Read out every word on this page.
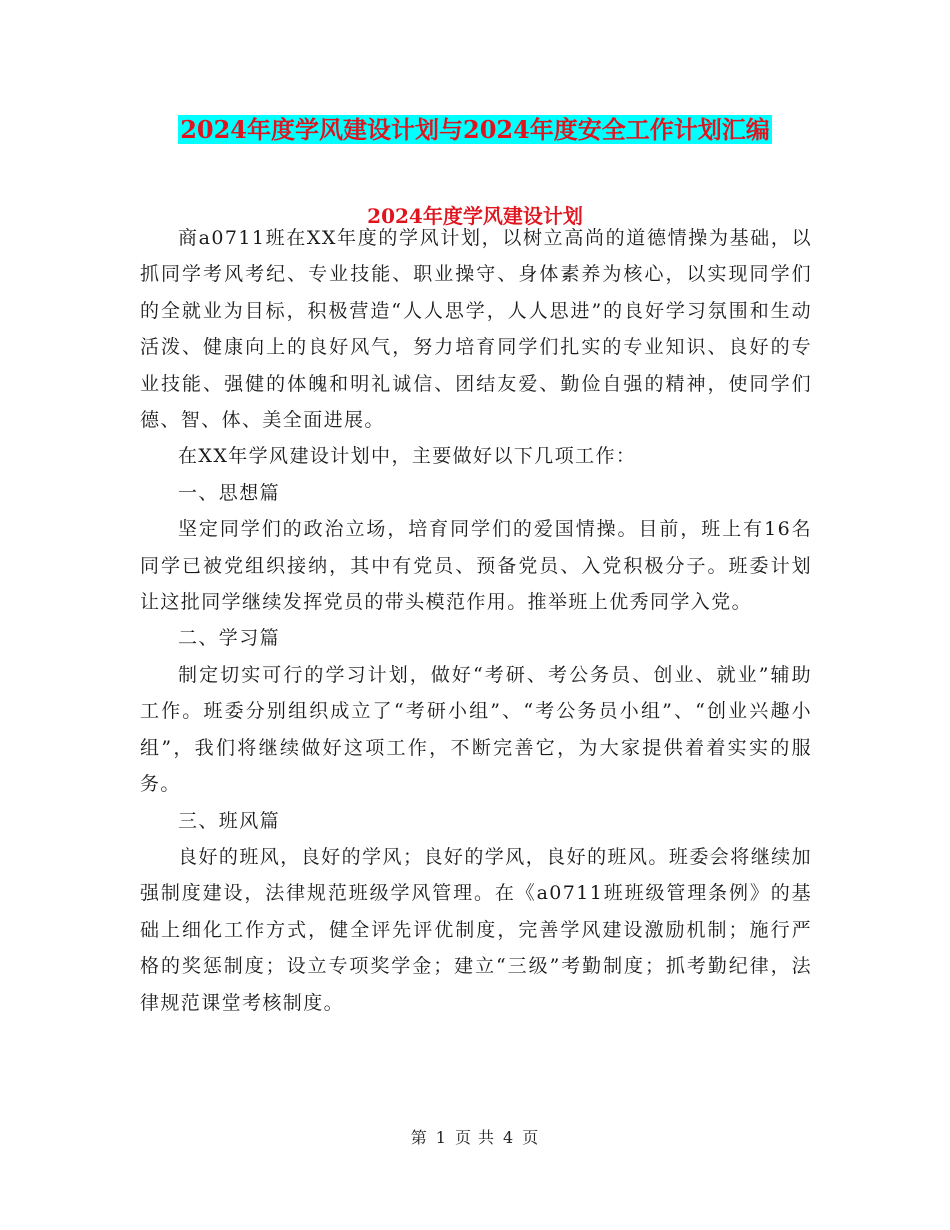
2024年度学风建设计划与2024年度安全工作计划汇编
2024年度学风建设计划

商a0711班在XX年度的学风计划，以树立高尚的道德情操为基础，以抓同学考风考纪、专业技能、职业操守、身体素养为核心，以实现同学们的全就业为目标，积极营造“人人思学，人人思进”的良好学习氛围和生动活泼、健康向上的良好风气，努力培育同学们扎实的专业知识、良好的专业技能、强健的体魄和明礼诚信、团结友爱、勤俭自强的精神，使同学们德、智、体、美全面进展。

在XX年学风建设计划中，主要做好以下几项工作：

一、思想篇

坚定同学们的政治立场，培育同学们的爱国情操。目前，班上有16名同学已被党组织接纳，其中有党员、预备党员、入党积极分子。班委计划让这批同学继续发挥党员的带头模范作用。推举班上优秀同学入党。

二、学习篇

制定切实可行的学习计划，做好“考研、考公务员、创业、就业”辅助工作。班委分别组织成立了“考研小组”、“考公务员小组”、“创业兴趣小组”，我们将继续做好这项工作，不断完善它，为大家提供着着实实的服务。

三、班风篇

良好的班风，良好的学风；良好的学风，良好的班风。班委会将继续加强制度建设，法律规范班级学风管理。在《a0711班班级管理条例》的基础上细化工作方式，健全评先评优制度，完善学风建设激励机制；施行严格的奖惩制度；设立专项奖学金；建立“三级”考勤制度；抓考勤纪律，法律规范课堂考核制度。

第 1 页 共 4 页
